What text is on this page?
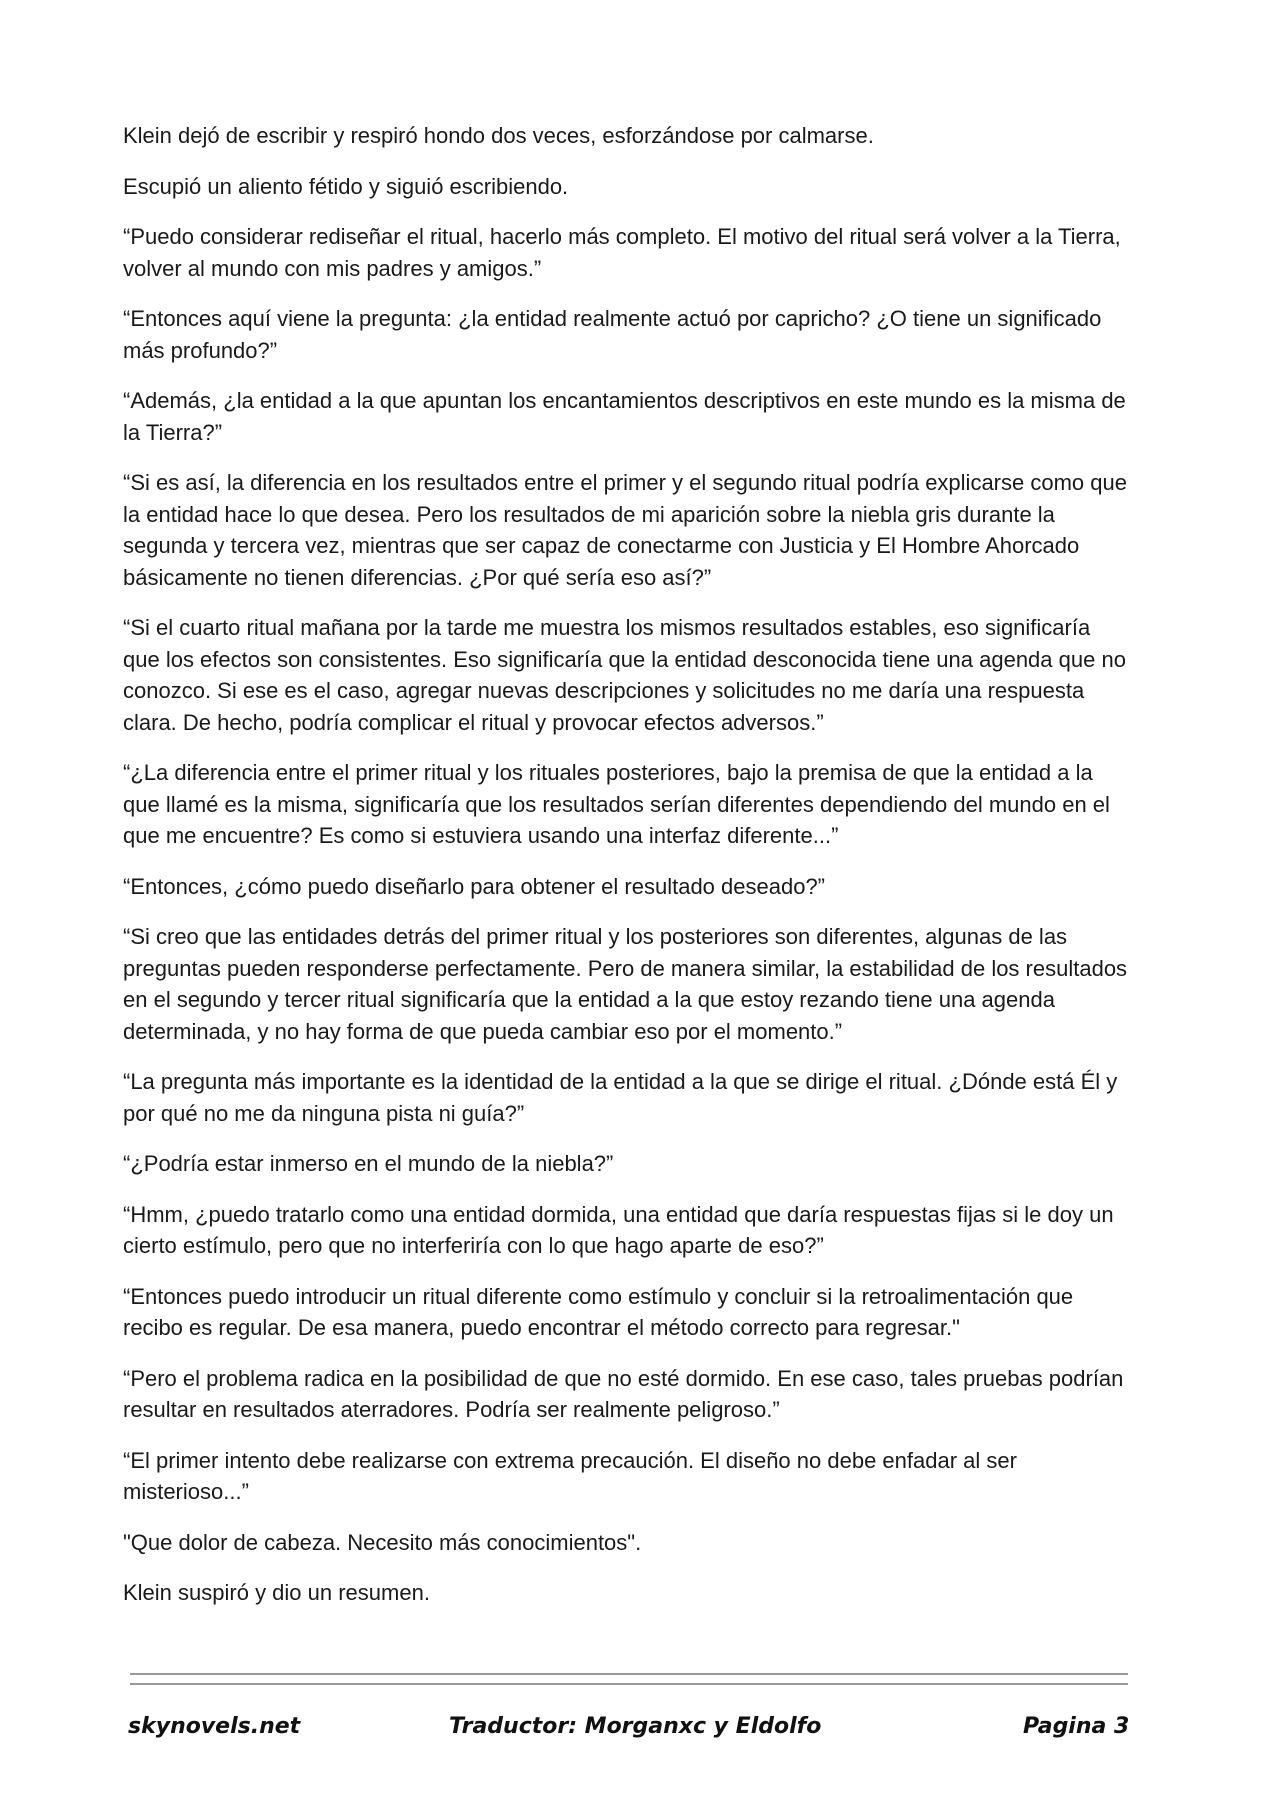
Klein dejó de escribir y respiró hondo dos veces, esforzándose por calmarse.

Escupió un aliento fétido y siguió escribiendo.

“Puedo considerar rediseñar el ritual, hacerlo más completo. El motivo del ritual será volver a la Tierra, volver al mundo con mis padres y amigos.”

“Entonces aquí viene la pregunta: ¿la entidad realmente actuó por capricho? ¿O tiene un significado más profundo?”

“Además, ¿la entidad a la que apuntan los encantamientos descriptivos en este mundo es la misma de la Tierra?”

“Si es así, la diferencia en los resultados entre el primer y el segundo ritual podría explicarse como que la entidad hace lo que desea. Pero los resultados de mi aparición sobre la niebla gris durante la segunda y tercera vez, mientras que ser capaz de conectarme con Justicia y El Hombre Ahorcado básicamente no tienen diferencias. ¿Por qué sería eso así?”

“Si el cuarto ritual mañana por la tarde me muestra los mismos resultados estables, eso significaría que los efectos son consistentes. Eso significaría que la entidad desconocida tiene una agenda que no conozco. Si ese es el caso, agregar nuevas descripciones y solicitudes no me daría una respuesta clara. De hecho, podría complicar el ritual y provocar efectos adversos.”

“¿La diferencia entre el primer ritual y los rituales posteriores, bajo la premisa de que la entidad a la que llamé es la misma, significaría que los resultados serían diferentes dependiendo del mundo en el que me encuentre? Es como si estuviera usando una interfaz diferente...”

“Entonces, ¿cómo puedo diseñarlo para obtener el resultado deseado?”

“Si creo que las entidades detrás del primer ritual y los posteriores son diferentes, algunas de las preguntas pueden responderse perfectamente. Pero de manera similar, la estabilidad de los resultados en el segundo y tercer ritual significaría que la entidad a la que estoy rezando tiene una agenda determinada, y no hay forma de que pueda cambiar eso por el momento.”

“La pregunta más importante es la identidad de la entidad a la que se dirige el ritual. ¿Dónde está Él y por qué no me da ninguna pista ni guía?”

“¿Podría estar inmerso en el mundo de la niebla?”

“Hmm, ¿puedo tratarlo como una entidad dormida, una entidad que daría respuestas fijas si le doy un cierto estímulo, pero que no interferiría con lo que hago aparte de eso?”

“Entonces puedo introducir un ritual diferente como estímulo y concluir si la retroalimentación que recibo es regular. De esa manera, puedo encontrar el método correcto para regresar."

“Pero el problema radica en la posibilidad de que no esté dormido. En ese caso, tales pruebas podrían resultar en resultados aterradores. Podría ser realmente peligroso.”

“El primer intento debe realizarse con extrema precaución. El diseño no debe enfadar al ser misterioso...”

"Que dolor de cabeza. Necesito más conocimientos".

Klein suspiró y dio un resumen.

skynovels.net	Traductor: Morganxc y Eldolfo	Pagina 3
